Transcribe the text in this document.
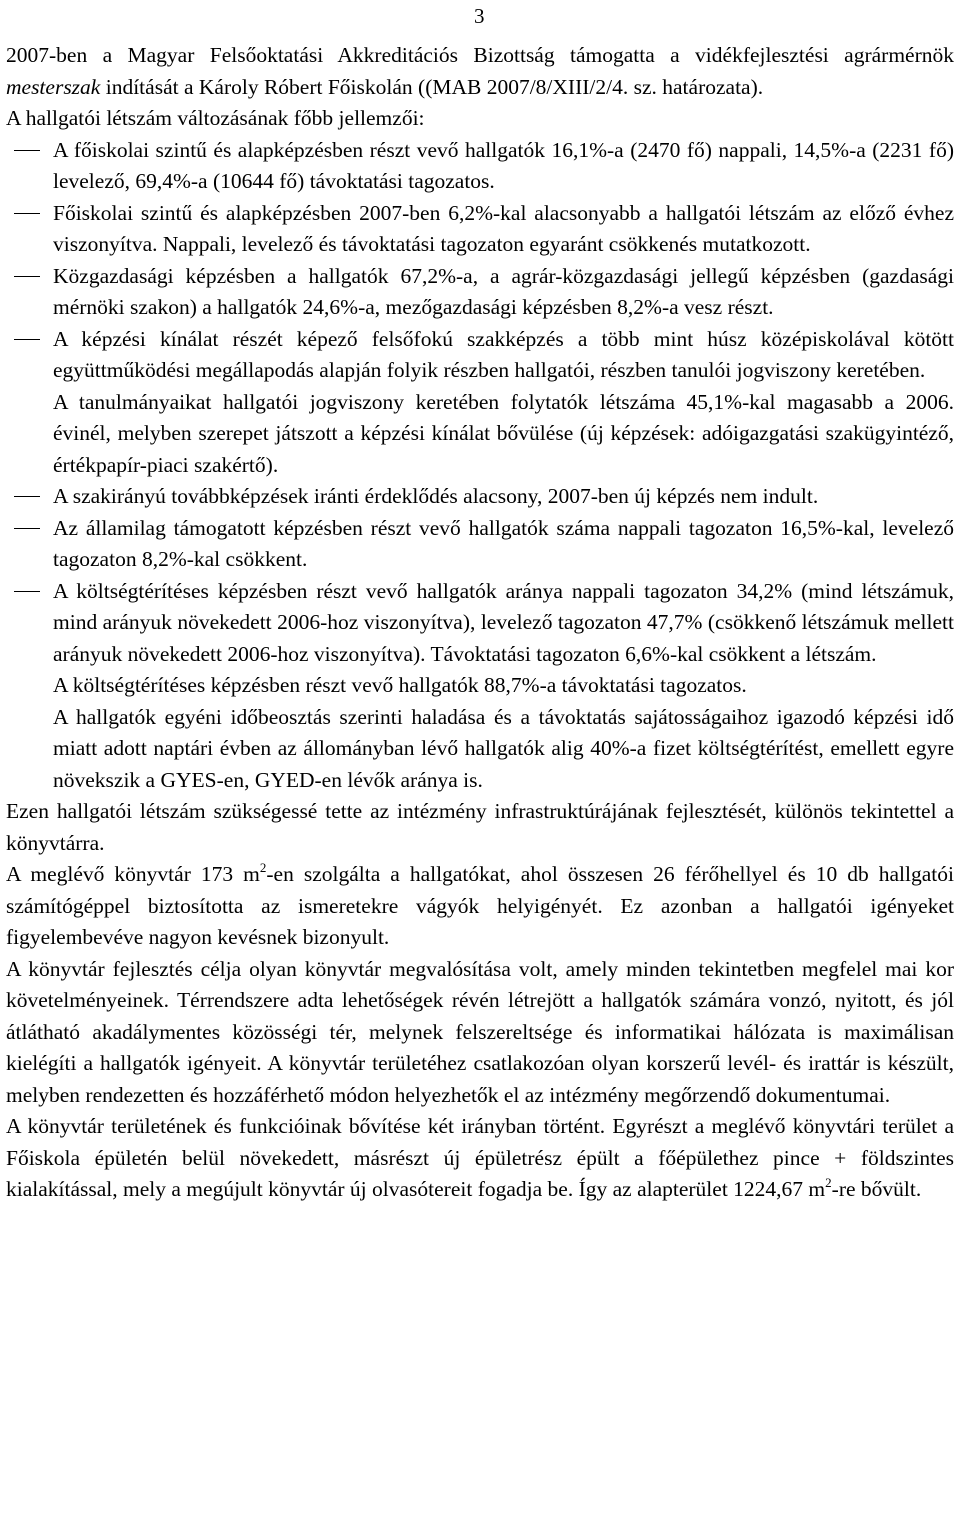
3

2007-ben a Magyar Felsőoktatási Akkreditációs Bizottság támogatta a vidékfejlesztési agrármérnök mesterszak indítását a Károly Róbert Főiskolán ((MAB 2007/8/XIII/2/4. sz. határozata).

A hallgatói létszám változásának főbb jellemzői:

A főiskolai szintű és alapképzésben részt vevő hallgatók 16,1%-a (2470 fő) nappali, 14,5%-a (2231 fő) levelező, 69,4%-a (10644 fő) távoktatási tagozatos.
Főiskolai szintű és alapképzésben 2007-ben 6,2%-kal alacsonyabb a hallgatói létszám az előző évhez viszonyítva. Nappali, levelező és távoktatási tagozaton egyaránt csökkenés mutatkozott.
Közgazdasági képzésben a hallgatók 67,2%-a, a agrár-közgazdasági jellegű képzésben (gazdasági mérnöki szakon) a hallgatók 24,6%-a, mezőgazdasági képzésben 8,2%-a vesz részt.
A képzési kínálat részét képező felsőfokú szakképzés a több mint húsz középiskolával kötött együttműködési megállapodás alapján folyik részben hallgatói, részben tanulói jogviszony keretében.
A tanulmányaikat hallgatói jogviszony keretében folytatók létszáma 45,1%-kal magasabb a 2006. évinél, melyben szerepet játszott a képzési kínálat bővülése (új képzések: adóigazgatási szakügyintéző, értékpapír-piaci szakértő).
A szakirányú továbbképzések iránti érdeklődés alacsony, 2007-ben új képzés nem indult.
Az államilag támogatott képzésben részt vevő hallgatók száma nappali tagozaton 16,5%-kal, levelező tagozaton 8,2%-kal csökkent.
A költségtérítéses képzésben részt vevő hallgatók aránya nappali tagozaton 34,2% (mind létszámuk, mind arányuk növekedett 2006-hoz viszonyítva), levelező tagozaton 47,7% (csökkenő létszámuk mellett arányuk növekedett 2006-hoz viszonyítva). Távoktatási tagozaton 6,6%-kal csökkent a létszám.
A költségtérítéses képzésben részt vevő hallgatók 88,7%-a távoktatási tagozatos.
A hallgatók egyéni időbeosztás szerinti haladása és a távoktatás sajátosságaihoz igazodó képzési idő miatt adott naptári évben az állományban lévő hallgatók alig 40%-a fizet költségtérítést, emellett egyre növekszik a GYES-en, GYED-en lévők aránya is.

Ezen hallgatói létszám szükségessé tette az intézmény infrastruktúrájának fejlesztését, különös tekintettel a könyvtárra.

A meglévő könyvtár 173 $m^2-en$ szolgálta a hallgatókat, ahol összesen 26 férőhellyel és 10 db hallgatói számítógéppel biztosította az ismeretekre vágyók helyigényét. Ez azonban a hallgatói igényeket figyelembevéve nagyon kevésnek bizonyult.

A könyvtár fejlesztés célja olyan könyvtár megvalósítása volt, amely minden tekintetben megfelel mai kor követelményeinek. Térrendszere adta lehetőségek révén létrejött a hallgatók számára vonzó, nyitott, és jól átlátható akadálymentes közösségi tér, melynek felszereltsége és informatikai hálózata is maximálisan kielégíti a hallgatók igényeit. A könyvtár területéhez csatlakozóan olyan korszerű levél- és irattár is készült, melyben rendezetten és hozzáférhető módon helyezhetők el az intézmény megőrzendő dokumentumai.

A könyvtár területének és funkcióinak bővítése két irányban történt. Egyrészt a meglévő könyvtári terület a Főiskola épületén belül növekedett, másrészt új épületrész épült a főépülethez pince + földszintes kialakítással, mely a megújult könyvtár új olvasótereit fogadja be. Így az alapterület 1224,67 $m^2-re$ bővült.
